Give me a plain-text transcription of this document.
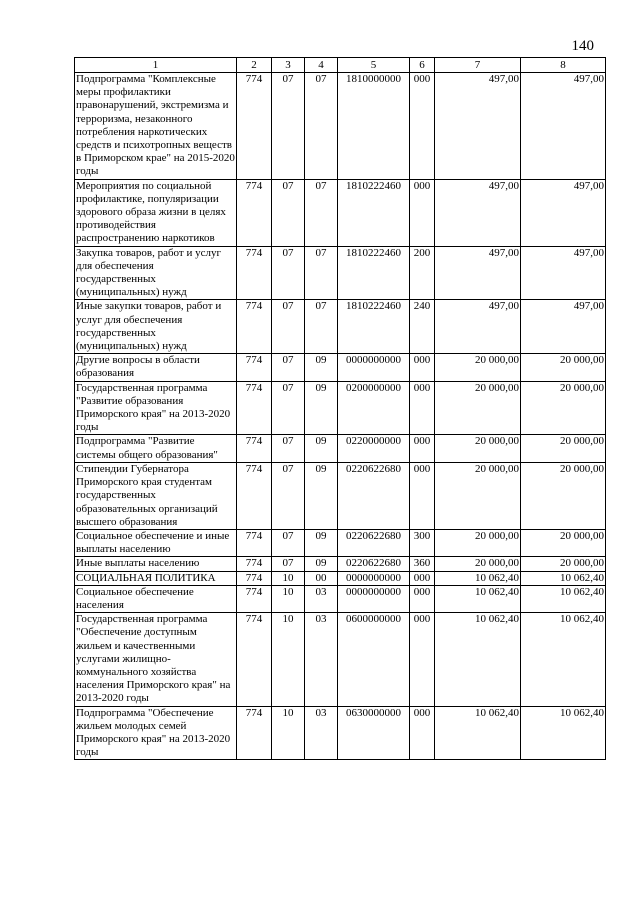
140
1	2	3	4	5	6	7	8
Подпрограмма "Комплексные меры профилактики правонарушений, экстремизма и терроризма, незаконного потребления наркотических средств и психотропных веществ в Приморском крае" на 2015-2020 годы	774	07	07	1810000000	000	497,00	497,00
Мероприятия по социальной профилактике, популяризации здорового образа жизни в целях противодействия распространению наркотиков	774	07	07	1810222460	000	497,00	497,00
Закупка товаров, работ и услуг для обеспечения государственных (муниципальных) нужд	774	07	07	1810222460	200	497,00	497,00
Иные закупки товаров, работ и услуг для обеспечения государственных (муниципальных) нужд	774	07	07	1810222460	240	497,00	497,00
Другие вопросы в области образования	774	07	09	0000000000	000	20 000,00	20 000,00
Государственная программа "Развитие образования Приморского края" на 2013-2020 годы	774	07	09	0200000000	000	20 000,00	20 000,00
Подпрограмма "Развитие системы общего образования"	774	07	09	0220000000	000	20 000,00	20 000,00
Стипендии Губернатора Приморского края студентам государственных образовательных организаций высшего образования	774	07	09	0220622680	000	20 000,00	20 000,00
Социальное обеспечение и иные выплаты населению	774	07	09	0220622680	300	20 000,00	20 000,00
Иные выплаты населению	774	07	09	0220622680	360	20 000,00	20 000,00
СОЦИАЛЬНАЯ ПОЛИТИКА	774	10	00	0000000000	000	10 062,40	10 062,40
Социальное обеспечение населения	774	10	03	0000000000	000	10 062,40	10 062,40
Государственная программа "Обеспечение доступным жильем и качественными услугами жилищно-коммунального хозяйства населения Приморского края" на 2013-2020 годы	774	10	03	0600000000	000	10 062,40	10 062,40
Подпрограмма "Обеспечение жильем молодых семей Приморского края" на 2013-2020 годы	774	10	03	0630000000	000	10 062,40	10 062,40
